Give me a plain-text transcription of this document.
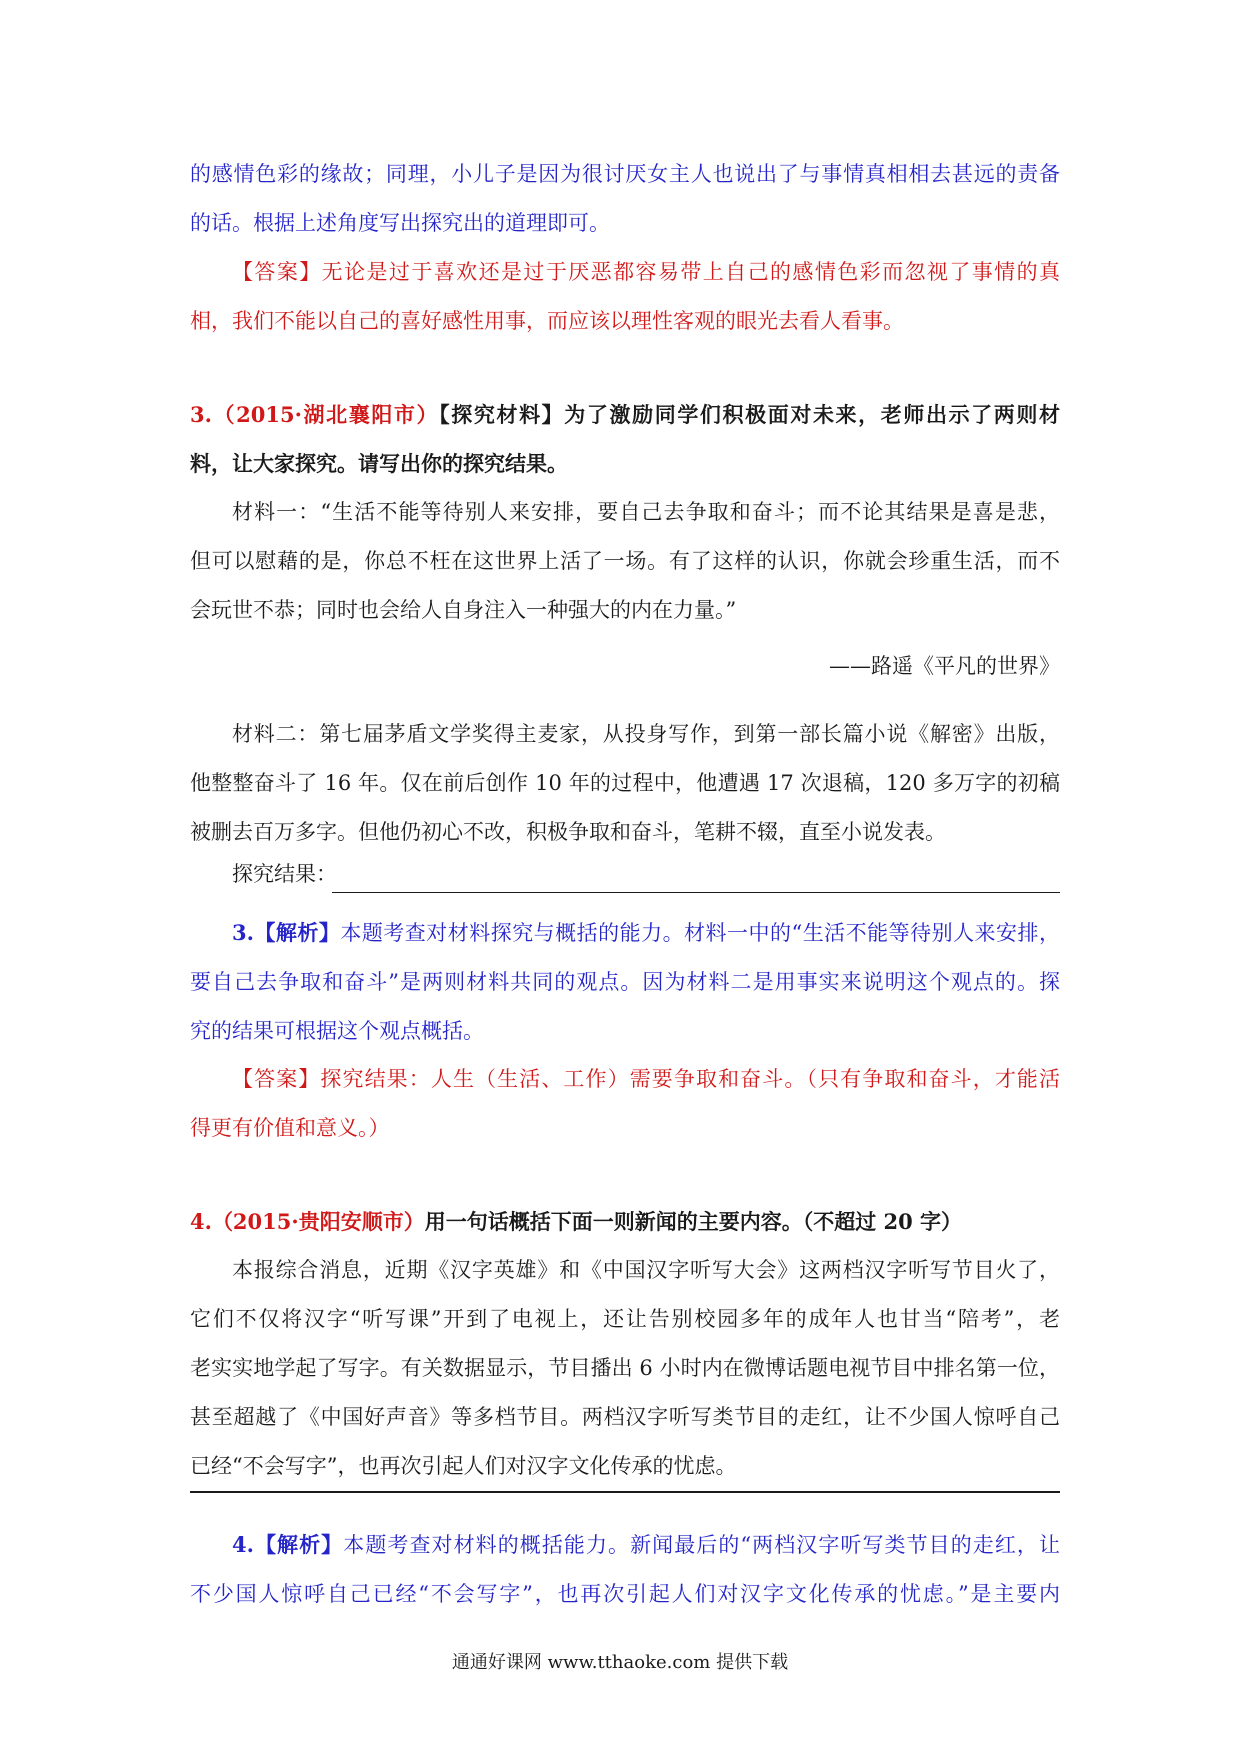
的感情色彩的缘故；同理，小儿子是因为很讨厌女主人也说出了与事情真相相去甚远的责备
的话。根据上述角度写出探究出的道理即可。
【答案】无论是过于喜欢还是过于厌恶都容易带上自己的感情色彩而忽视了事情的真
相，我们不能以自己的喜好感性用事，而应该以理性客观的眼光去看人看事。
3.（2015·湖北襄阳市）【探究材料】为了激励同学们积极面对未来，老师出示了两则材
料，让大家探究。请写出你的探究结果。
材料一：“生活不能等待别人来安排，要自己去争取和奋斗；而不论其结果是喜是悲，
但可以慰藉的是，你总不枉在这世界上活了一场。有了这样的认识，你就会珍重生活，而不
会玩世不恭；同时也会给人自身注入一种强大的内在力量。”
——路遥《平凡的世界》
材料二：第七届茅盾文学奖得主麦家，从投身写作，到第一部长篇小说《解密》出版，
他整整奋斗了 16 年。仅在前后创作 10 年的过程中，他遭遇 17 次退稿，120 多万字的初稿
被删去百万多字。但他仍初心不改，积极争取和奋斗，笔耕不辍，直至小说发表。
探究结果：
3.【解析】本题考查对材料探究与概括的能力。材料一中的“生活不能等待别人来安排，
要自己去争取和奋斗”是两则材料共同的观点。因为材料二是用事实来说明这个观点的。探
究的结果可根据这个观点概括。
【答案】探究结果：人生（生活、工作）需要争取和奋斗。（只有争取和奋斗，才能活
得更有价值和意义。）
4.（2015·贵阳安顺市）用一句话概括下面一则新闻的主要内容。（不超过 20 字）
本报综合消息，近期《汉字英雄》和《中国汉字听写大会》这两档汉字听写节目火了，
它们不仅将汉字“听写课”开到了电视上，还让告别校园多年的成年人也甘当“陪考”，老
老实实地学起了写字。有关数据显示，节目播出 6 小时内在微博话题电视节目中排名第一位，
甚至超越了《中国好声音》等多档节目。两档汉字听写类节目的走红，让不少国人惊呼自己
已经“不会写字”，也再次引起人们对汉字文化传承的忧虑。
4.【解析】本题考查对材料的概括能力。新闻最后的“两档汉字听写类节目的走红，让
不少国人惊呼自己已经“不会写字”，也再次引起人们对汉字文化传承的忧虑。”是主要内
通通好课网 www.tthaoke.com 提供下载
